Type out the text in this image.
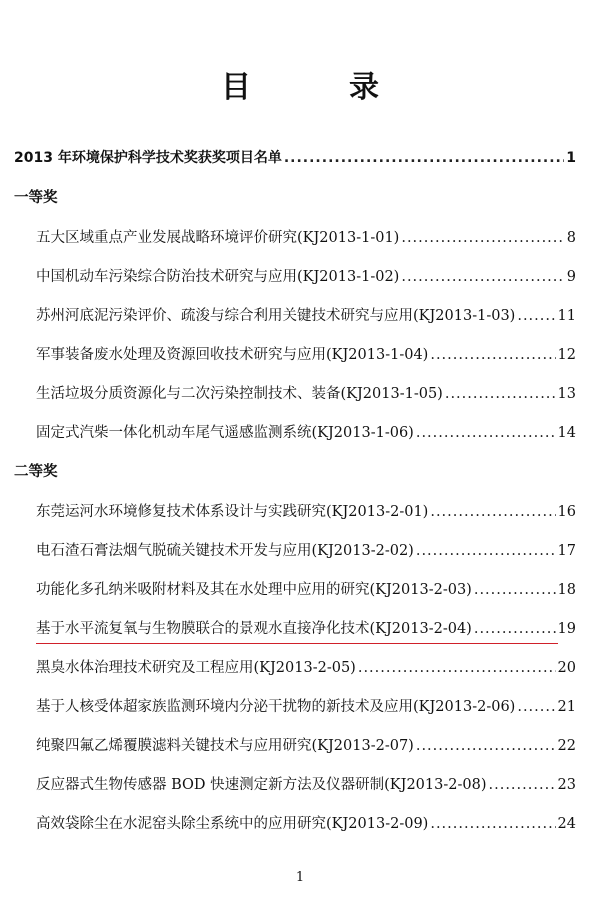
目　录
2013 年环境保护科学技术奖获奖项目名单 .....	1
一等奖
五大区域重点产业发展战略环境评价研究(KJ2013-1-01) .....	8
中国机动车污染综合防治技术研究与应用(KJ2013-1-02) .....	9
苏州河底泥污染评价、疏浚与综合利用关键技术研究与应用(KJ2013-1-03) .....	11
军事装备废水处理及资源回收技术研究与应用(KJ2013-1-04) .....	12
生活垃圾分质资源化与二次污染控制技术、装备(KJ2013-1-05) .....	13
固定式汽柴一体化机动车尾气遥感监测系统(KJ2013-1-06) .....	14
二等奖
东莞运河水环境修复技术体系设计与实践研究(KJ2013-2-01) .....	16
电石渣石膏法烟气脱硫关键技术开发与应用(KJ2013-2-02) .....	17
功能化多孔纳米吸附材料及其在水处理中应用的研究(KJ2013-2-03) .....	18
基于水平流复氧与生物膜联合的景观水直接净化技术(KJ2013-2-04) .....	19
黑臭水体治理技术研究及工程应用(KJ2013-2-05) .....	20
基于人核受体超家族监测环境内分泌干扰物的新技术及应用(KJ2013-2-06) .....	21
纯聚四氟乙烯覆膜滤料关键技术与应用研究(KJ2013-2-07) .....	22
反应器式生物传感器 BOD 快速测定新方法及仪器研制(KJ2013-2-08) .....	23
高效袋除尘在水泥窑头除尘系统中的应用研究(KJ2013-2-09) .....	24
1
